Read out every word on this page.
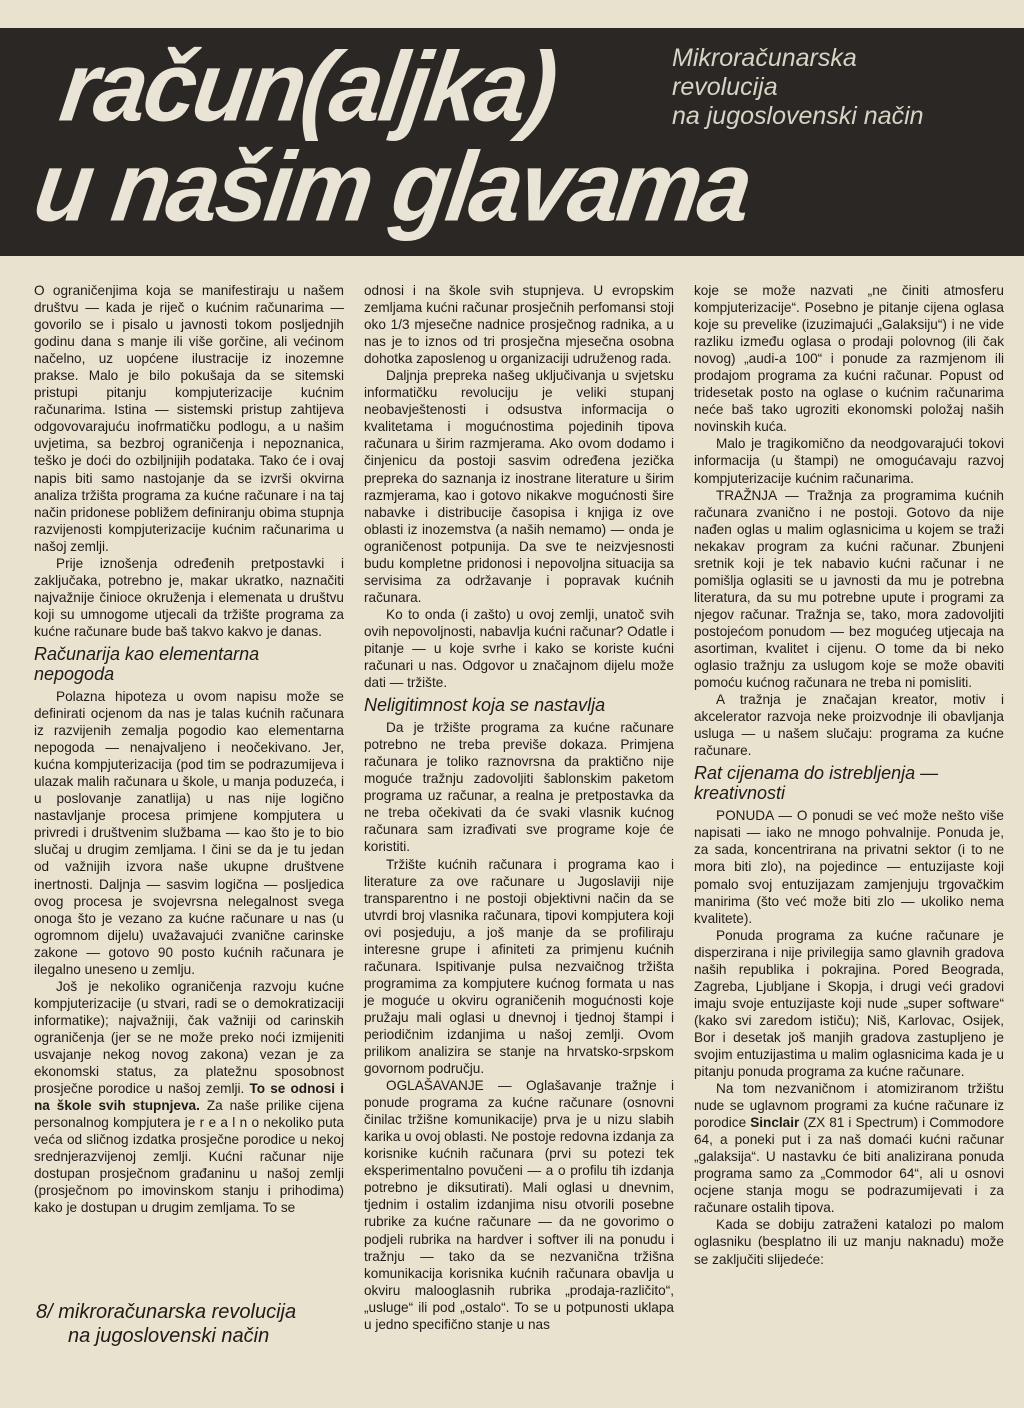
račun(aljka)
u našim glavama
Mikroračunarska
revolucija
na jugoslovenski način

O ograničenjima koja se manifestiraju u našem društvu — kada je riječ o kućnim računarima — govorilo se i pisalo u javnosti tokom posljednjih godinu dana s manje ili više gorčine, ali većinom načelno, uz uopćene ilustracije iz inozemne prakse. Malo je bilo pokušaja da se sitemski pristupi pitanju kompjuterizacije kućnim računarima. Istina — sistemski pristup zahtijeva odgovovarajuću inofrmatičku podlogu, a u našim uvjetima, sa bezbroj ograničenja i nepoznanica, teško je doći do ozbiljnijih podataka. Tako će i ovaj napis biti samo nastojanje da se izvrši okvirna analiza tržišta programa za kućne računare i na taj način pridonese pobližem definiranju obima stupnja razvijenosti kompjuterizacije kućnim računarima u našoj zemlji.

Prije iznošenja određenih pretpostavki i zaključaka, potrebno je, makar ukratko, naznačiti najvažnije činioce okruženja i elemenata u društvu koji su umnogome utjecali da tržište programa za kućne računare bude baš takvo kakvo je danas.

Računarija kao elementarna nepogoda

Polazna hipoteza u ovom napisu može se definirati ocjenom da nas je talas kućnih računara iz razvijenih zemalja pogodio kao elementarna nepogoda — nenajvaljeno i neočekivano. Jer, kućna kompjuterizacija (pod tim se podrazumijeva i ulazak malih računara u škole, u manja poduzeća, i u poslovanje zanatlija) u nas nije logično nastavljanje procesa primjene kompjutera u privredi i društvenim službama — kao što je to bio slučaj u drugim zemljama. I čini se da je tu jedan od važnijih izvora naše ukupne društvene inertnosti. Daljnja — sasvim logična — posljedica ovog procesa je svojevrsna nelegalnost svega onoga što je vezano za kućne računare u nas (u ogromnom dijelu) uvažavajući zvanične carinske zakone — gotovo 90 posto kućnih računara je ilegalno uneseno u zemlju.

Još je nekoliko ograničenja razvoju kućne kompjuterizacije (u stvari, radi se o demokratizaciji informatike); najvažniji, čak važniji od carinskih ograničenja (jer se ne može preko noći izmijeniti usvajanje nekog novog zakona) vezan je za ekonomski status, za platežnu sposobnost prosječne porodice u našoj zemlji. To se odnosi i na škole svih stupnjeva. Za naše prilike cijena personalnog kompjutera je r e a l n o nekoliko puta veća od sličnog izdatka prosječne porodice u nekoj srednjerazvijenoj zemlji. Kućni računar nije dostupan prosječnom građaninu u našoj zemlji (prosječnom po imovinskom stanju i prihodima) kako je dostupan u drugim zemljama. To se

odnosi i na škole svih stupnjeva. U evropskim zemljama kućni računar prosječnih perfomansi stoji oko 1/3 mjesečne nadnice prosječnog radnika, a u nas je to iznos od tri prosječna mjesečna osobna dohotka zaposlenog u organizaciji udruženog rada.

Daljnja prepreka našeg uključivanja u svjetsku informatičku revoluciju je veliki stupanj neobavještenosti i odsustva informacija o kvalitetama i mogućnostima pojedinih tipova računara u širim razmjerama. Ako ovom dodamo i činjenicu da postoji sasvim određena jezička prepreka do saznanja iz inostrane literature u širim razmjerama, kao i gotovo nikakve mogućnosti šire nabavke i distribucije časopisa i knjiga iz ove oblasti iz inozemstva (a naših nemamo) — onda je ograničenost potpunija. Da sve te neizvjesnosti budu kompletne pridonosi i nepovoljna situacija sa servisima za održavanje i popravak kućnih računara.

Ko to onda (i zašto) u ovoj zemlji, unatoč svih ovih nepovoljnosti, nabavlja kućni računar? Odatle i pitanje — u koje svrhe i kako se koriste kućni računari u nas. Odgovor u značajnom dijelu može dati — tržište.

Neligitimnost koja se nastavlja

Da je tržište programa za kućne računare potrebno ne treba previše dokaza. Primjena računara je toliko raznovrsna da praktično nije moguće tražnju zadovoljiti šablonskim paketom programa uz računar, a realna je pretpostavka da ne treba očekivati da će svaki vlasnik kućnog računara sam izrađivati sve programe koje će koristiti.

Tržište kućnih računara i programa kao i literature za ove računare u Jugoslaviji nije transparentno i ne postoji objektivni način da se utvrdi broj vlasnika računara, tipovi kompjutera koji ovi posjeduju, a još manje da se profiliraju interesne grupe i afiniteti za primjenu kućnih računara. Ispitivanje pulsa nezvaičnog tržišta programima za kompjutere kućnog formata u nas je moguće u okviru ograničenih mogućnosti koje pružaju mali oglasi u dnevnoj i tjednoj štampi i periodičnim izdanjima u našoj zemlji. Ovom prilikom analizira se stanje na hrvatsko-srpskom govornom području.

OGLAŠAVANJE — Oglašavanje tražnje i ponude programa za kućne računare (osnovni činilac tržišne komunikacije) prva je u nizu slabih karika u ovoj oblasti. Ne postoje redovna izdanja za korisnike kućnih računara (prvi su potezi tek eksperimentalno povučeni — a o profilu tih izdanja potrebno je diksutirati). Mali oglasi u dnevnim, tjednim i ostalim izdanjima nisu otvorili posebne rubrike za kućne računare — da ne govorimo o podjeli rubrika na hardver i softver ili na ponudu i tražnju — tako da se nezvanična tržišna komunikacija korisnika kućnih računara obavlja u okviru malooglasnih rubrika „prodaja-različito“, „usluge“ ili pod „ostalo“. To se u potpunosti uklapa u jedno specifično stanje u nas

koje se može nazvati „ne činiti atmosferu kompjuterizacije“. Posebno je pitanje cijena oglasa koje su prevelike (izuzimajući „Galaksiju“) i ne vide razliku između oglasa o prodaji polovnog (ili čak novog) „audi-a 100“ i ponude za razmjenom ili prodajom programa za kućni računar. Popust od tridesetak posto na oglase o kućnim računarima neće baš tako ugroziti ekonomski položaj naših novinskih kuća.

Malo je tragikomično da neodgovarajući tokovi informacija (u štampi) ne omogućavaju razvoj kompjuterizacije kućnim računarima.

TRAŽNJA — Tražnja za programima kućnih računara zvanično i ne postoji. Gotovo da nije nađen oglas u malim oglasnicima u kojem se traži nekakav program za kućni računar. Zbunjeni sretnik koji je tek nabavio kućni računar i ne pomišlja oglasiti se u javnosti da mu je potrebna literatura, da su mu potrebne upute i programi za njegov računar. Tražnja se, tako, mora zadovoljiti postojećom ponudom — bez mogućeg utjecaja na asortiman, kvalitet i cijenu. O tome da bi neko oglasio tražnju za uslugom koje se može obaviti pomoću kućnog računara ne treba ni pomisliti.

A tražnja je značajan kreator, motiv i akcelerator razvoja neke proizvodnje ili obavljanja usluga — u našem slučaju: programa za kućne računare.

Rat cijenama do istrebljenja — kreativnosti

PONUDA — O ponudi se već može nešto više napisati — iako ne mnogo pohvalnije. Ponuda je, za sada, koncentrirana na privatni sektor (i to ne mora biti zlo), na pojedince — entuzijaste koji pomalo svoj entuzijazam zamjenjuju trgovačkim manirima (što već može biti zlo — ukoliko nema kvalitete).

Ponuda programa za kućne računare je disperzirana i nije privilegija samo glavnih gradova naših republika i pokrajina. Pored Beograda, Zagreba, Ljubljane i Skopja, i drugi veći gradovi imaju svoje entuzijaste koji nude „super software“ (kako svi zaredom ističu); Niš, Karlovac, Osijek, Bor i desetak još manjih gradova zastupljeno je svojim entuzijastima u malim oglasnicima kada je u pitanju ponuda programa za kućne računare.

Na tom nezvaničnom i atomiziranom tržištu nude se uglavnom programi za kućne računare iz porodice Sinclair (ZX 81 i Spectrum) i Commodore 64, a poneki put i za naš domaći kućni računar „galaksija“. U nastavku će biti analizirana ponuda programa samo za „Commodor 64“, ali u osnovi ocjene stanja mogu se podrazumijevati i za računare ostalih tipova.

Kada se dobiju zatraženi katalozi po malom oglasniku (besplatno ili uz manju naknadu) može se zaključiti slijedeće:

8/ mikroračunarska revolucija
na jugoslovenski način
